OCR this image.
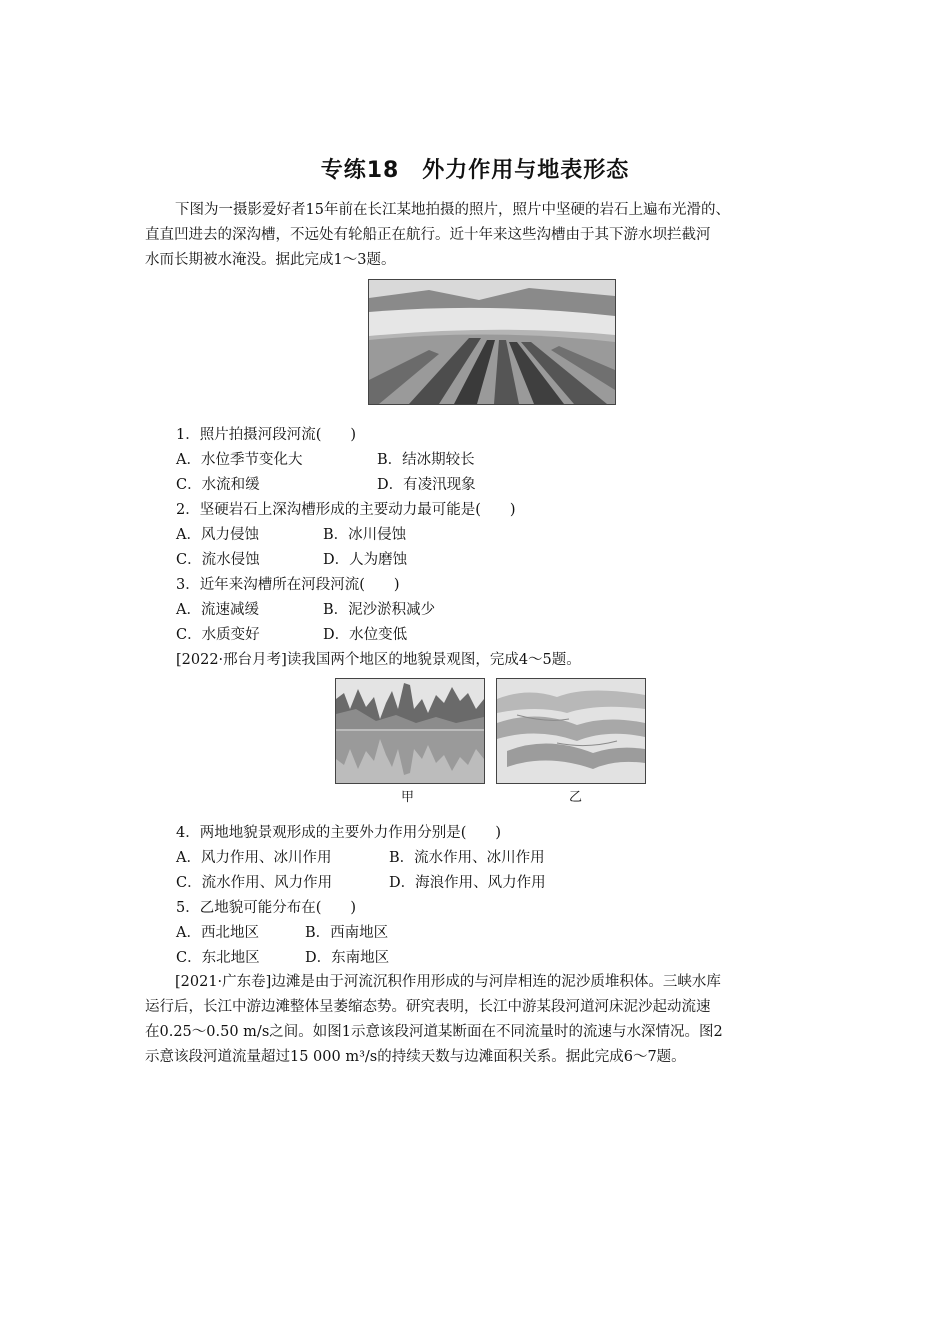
专练18　外力作用与地表形态
下图为一摄影爱好者15年前在长江某地拍摄的照片，照片中坚硬的岩石上遍布光滑的、
直直凹进去的深沟槽，不远处有轮船正在航行。近十年来这些沟槽由于其下游水坝拦截河
水而长期被水淹没。据此完成1～3题。
1．照片拍摄河段河流(　　)
A．水位季节变化大	B．结冰期较长
C．水流和缓	D．有凌汛现象
2．坚硬岩石上深沟槽形成的主要动力最可能是(　　)
A．风力侵蚀	B．冰川侵蚀
C．流水侵蚀	D．人为磨蚀
3．近年来沟槽所在河段河流(　　)
A．流速减缓	B．泥沙淤积减少
C．水质变好	D．水位变低
[2022·邢台月考]读我国两个地区的地貌景观图，完成4～5题。
甲	乙
4．两地地貌景观形成的主要外力作用分别是(　　)
A．风力作用、冰川作用	B．流水作用、冰川作用
C．流水作用、风力作用	D．海浪作用、风力作用
5．乙地貌可能分布在(　　)
A．西北地区	B．西南地区
C．东北地区	D．东南地区
[2021·广东卷]边滩是由于河流沉积作用形成的与河岸相连的泥沙质堆积体。三峡水库
运行后，长江中游边滩整体呈萎缩态势。研究表明，长江中游某段河道河床泥沙起动流速
在0.25～0.50 m/s之间。如图1示意该段河道某断面在不同流量时的流速与水深情况。图2
示意该段河道流量超过15 000 m³/s的持续天数与边滩面积关系。据此完成6～7题。
